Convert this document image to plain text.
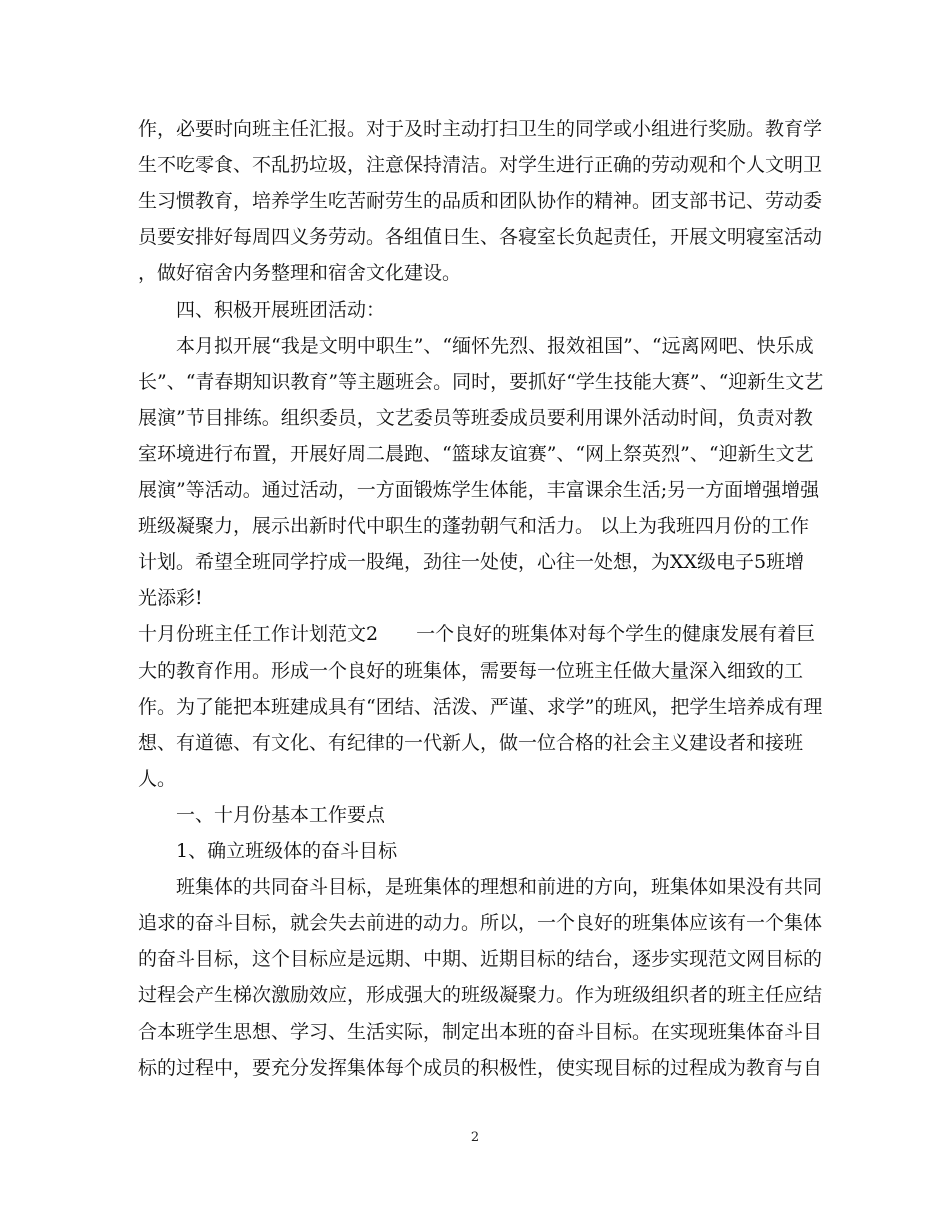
作，必要时向班主任汇报。对于及时主动打扫卫生的同学或小组进行奖励。教育学
生不吃零食、不乱扔垃圾，注意保持清洁。对学生进行正确的劳动观和个人文明卫
生习惯教育，培养学生吃苦耐劳生的品质和团队协作的精神。团支部书记、劳动委
员要安排好每周四义务劳动。各组值日生、各寝室长负起责任，开展文明寝室活动
，做好宿舍内务整理和宿舍文化建设。
四、积极开展班团活动：
本月拟开展“我是文明中职生”、“缅怀先烈、报效祖国”、“远离网吧、快乐成
长”、“青春期知识教育”等主题班会。同时，要抓好“学生技能大赛”、“迎新生文艺
展演”节目排练。组织委员，文艺委员等班委成员要利用课外活动时间，负责对教
室环境进行布置，开展好周二晨跑、“篮球友谊赛”、“网上祭英烈”、“迎新生文艺
展演”等活动。通过活动，一方面锻炼学生体能，丰富课余生活;另一方面增强增强
班级凝聚力，展示出新时代中职生的蓬勃朝气和活力。 以上为我班四月份的工作
计划。希望全班同学拧成一股绳，劲往一处使，心往一处想，为XX级电子5班增
光添彩!
十月份班主任工作计划范文2　　一个良好的班集体对每个学生的健康发展有着巨
大的教育作用。形成一个良好的班集体，需要每一位班主任做大量深入细致的工
作。为了能把本班建成具有“团结、活泼、严谨、求学”的班风，把学生培养成有理
想、有道德、有文化、有纪律的一代新人，做一位合格的社会主义建设者和接班
人。
一、十月份基本工作要点
1、确立班级体的奋斗目标
班集体的共同奋斗目标，是班集体的理想和前进的方向，班集体如果没有共同
追求的奋斗目标，就会失去前进的动力。所以，一个良好的班集体应该有一个集体
的奋斗目标，这个目标应是远期、中期、近期目标的结台，逐步实现范文网目标的
过程会产生梯次激励效应，形成强大的班级凝聚力。作为班级组织者的班主任应结
合本班学生思想、学习、生活实际，制定出本班的奋斗目标。在实现班集体奋斗目
标的过程中，要充分发挥集体每个成员的积极性，使实现目标的过程成为教育与自
2
